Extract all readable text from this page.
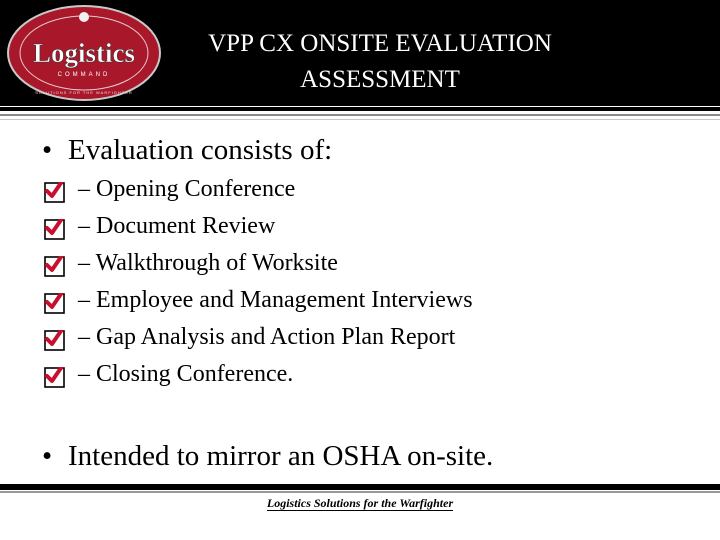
Logistics
COMMAND
SOLUTIONS FOR THE WARFIGHTER
VPP CX ONSITE EVALUATION
ASSESSMENT
• Evaluation consists of:
– Opening Conference
– Document Review
– Walkthrough of Worksite
– Employee and Management Interviews
– Gap Analysis and Action Plan Report
– Closing Conference.
• Intended to mirror an OSHA on-site.
Logistics Solutions for the Warfighter
